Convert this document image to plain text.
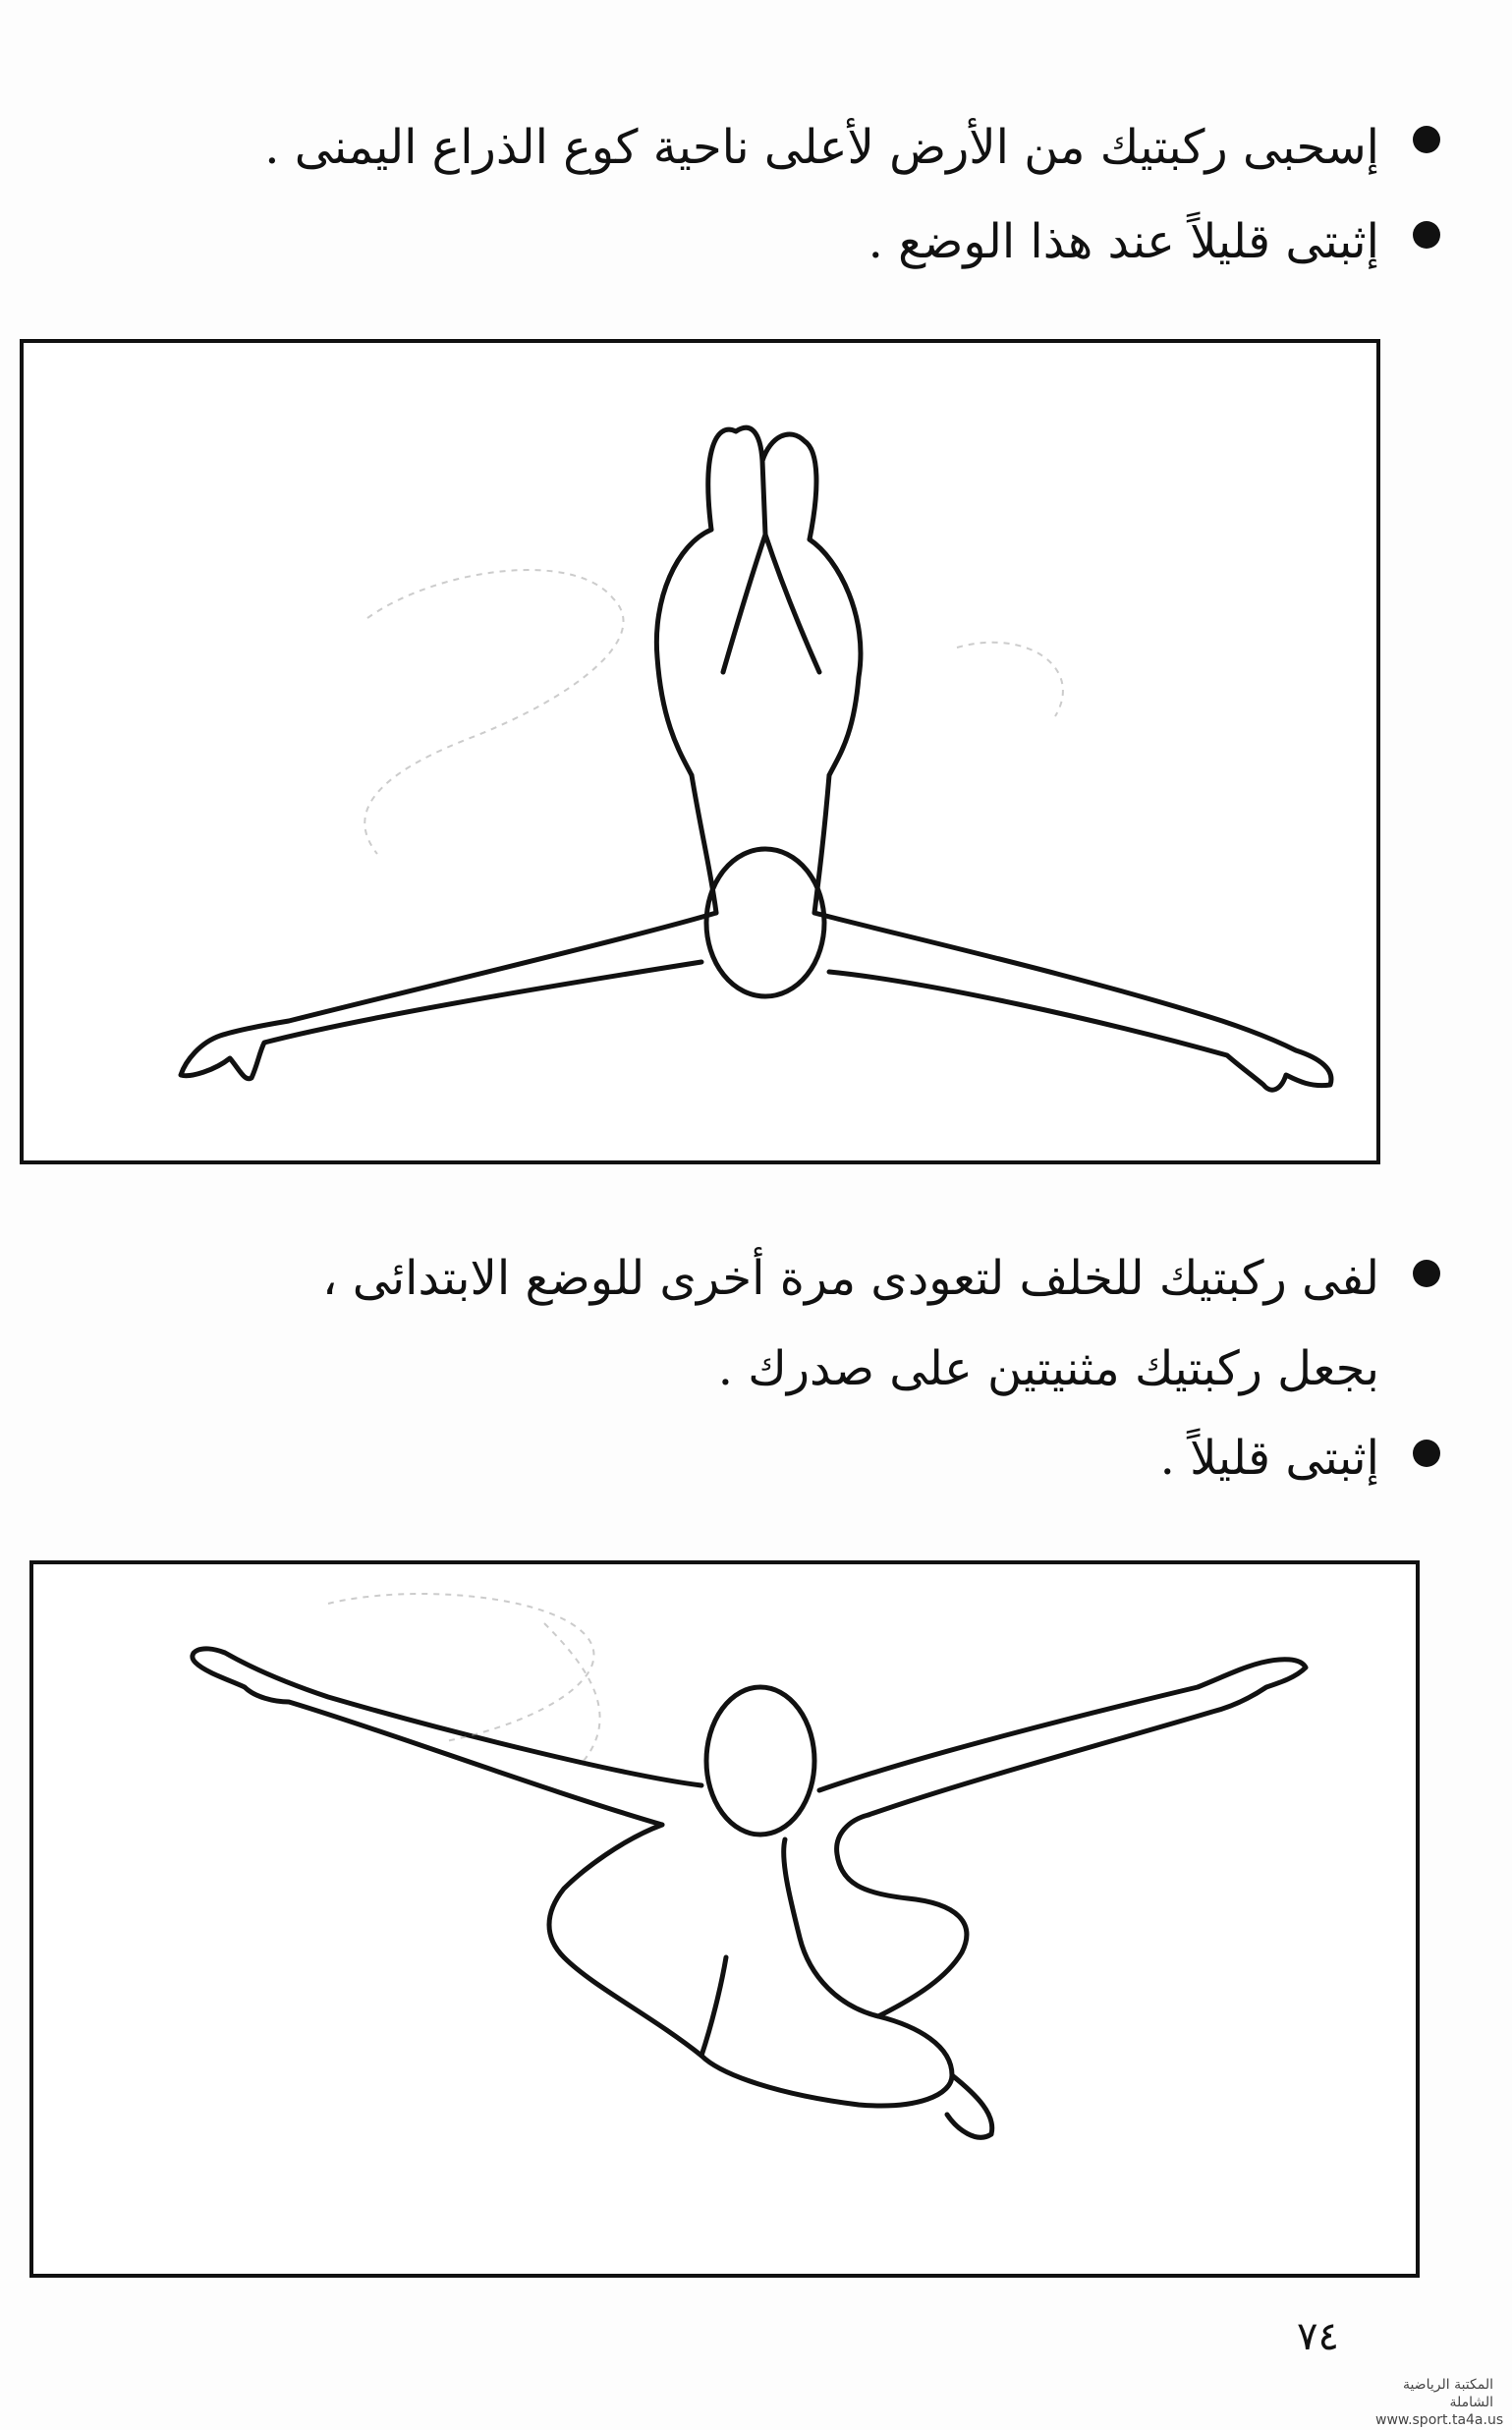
إسحبى ركبتيك من الأرض لأعلى ناحية كوع الذراع اليمنى .
إثبتى قليلاً عند هذا الوضع .
لفى ركبتيك للخلف لتعودى مرة أخرى للوضع الابتدائى ،
بجعل ركبتيك مثنيتين على صدرك .
إثبتى قليلاً .
٧٤
المكتبة الرياضية الشاملة
www.sport.ta4a.us
